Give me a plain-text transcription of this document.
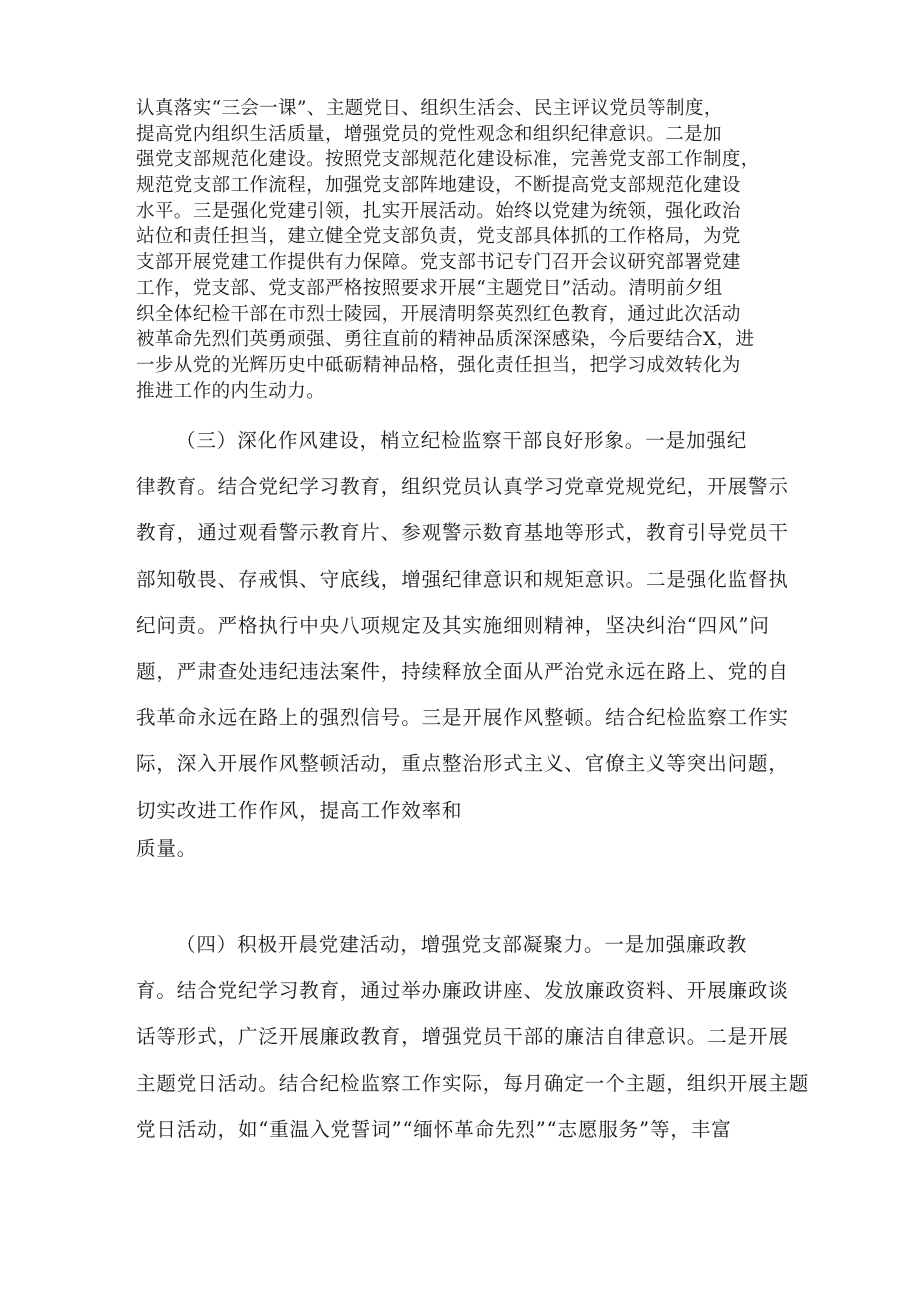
认真落实“三会一课”、主题党日、组织生活会、民主评议党员等制度，
提高党内组织生活质量，增强党员的党性观念和组织纪律意识。二是加
强党支部规范化建设。按照党支部规范化建设标准，完善党支部工作制度，
规范党支部工作流程，加强党支部阵地建设，不断提高党支部规范化建设
水平。三是强化党建引领，扎实开展活动。始终以党建为统领，强化政治
站位和责任担当，建立健全党支部负责，党支部具体抓的工作格局，为党
支部开展党建工作提供有力保障。党支部书记专门召开会议研究部署党建
工作，党支部、党支部严格按照要求开展“主题党日”活动。清明前夕组
织全体纪检干部在市烈士陵园，开展清明祭英烈红色教育，通过此次活动
被革命先烈们英勇顽强、勇往直前的精神品质深深感染，今后要结合X，进
一步从党的光辉历史中砥砺精神品格，强化责任担当，把学习成效转化为
推进工作的内生动力。
（三）深化作风建设，梢立纪检监察干部良好形象。一是加强纪
律教育。结合党纪学习教育，组织党员认真学习党章党规党纪，开展警示
教育，通过观看警示教育片、参观警示数育基地等形式，教育引导党员干
部知敬畏、存戒惧、守底线，增强纪律意识和规矩意识。二是强化监督执
纪问责。严格执行中央八项规定及其实施细则精神，坚决纠治“四风”问
题，严肃查处违纪违法案件，持续释放全面从严治党永远在路上、党的自
我革命永远在路上的强烈信号。三是开展作风整顿。结合纪检监察工作实
际，深入开展作风整顿活动，重点整治形式主义、官僚主义等突出问题，
切实改进工作作风，提高工作效率和
质量。
（四）积极开晨党建活动，增强党支部凝聚力。一是加强廉政教
育。结合党纪学习教育，通过举办廉政讲座、发放廉政资料、开展廉政谈
话等形式，广泛开展廉政教育，增强党员干部的廉洁自律意识。二是开展
主题党日活动。结合纪检监察工作实际，每月确定一个主题，组织开展主题
党日活动，如“重温入党誓词”“缅怀革命先烈”“志愿服务”等，丰富
